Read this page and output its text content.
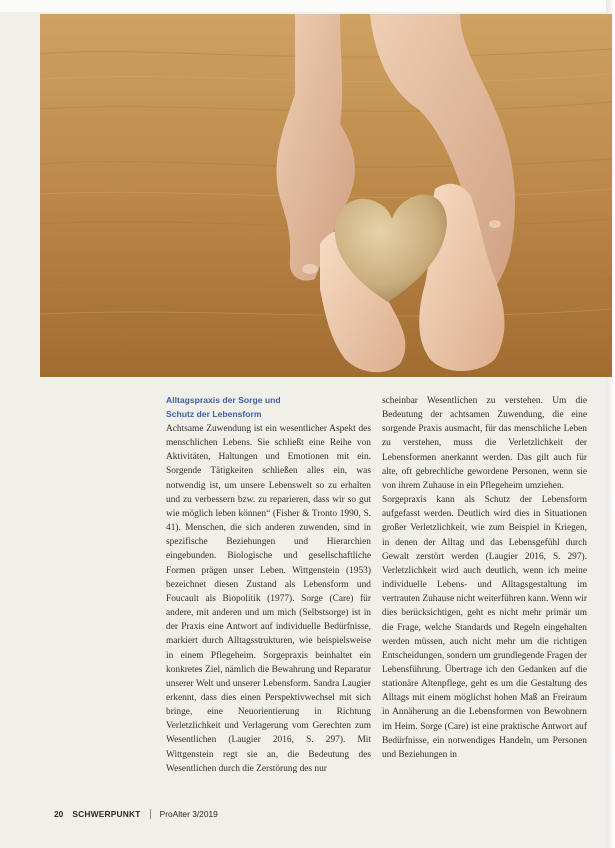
Alltagspraxis der Sorge und
Schutz der Lebensform

Achtsame Zuwendung ist ein wesentlicher Aspekt des menschlichen Lebens. Sie schließt eine Reihe von Aktivitäten, Haltungen und Emotionen mit ein. Sorgende Tätigkeiten schließen alles ein, was notwendig ist, um unsere Lebenswelt so zu erhalten und zu verbessern bzw. zu reparieren, dass wir so gut wie möglich leben können“ (Fisher & Tronto 1990, S. 41). Menschen, die sich anderen zuwenden, sind in spezifische Beziehungen und Hierarchien eingebunden. Biologische und gesellschaftliche Formen prägen unser Leben. Wittgenstein (1953) bezeichnet diesen Zustand als Lebensform und Foucault als Biopolitik (1977). Sorge (Care) für andere, mit anderen und um mich (Selbstsorge) ist in der Praxis eine Antwort auf individuelle Bedürfnisse, markiert durch Alltagsstrukturen, wie beispielsweise in einem Pflegeheim. Sorgepraxis beinhaltet ein konkretes Ziel, nämlich die Bewahrung und Reparatur unserer Welt und unserer Lebensform. Sandra Laugier erkennt, dass dies einen Perspektivwechsel mit sich bringe, eine Neuorientierung in Richtung Verletzlichkeit und Verlagerung vom Gerechten zum Wesentlichen (Laugier 2016, S. 297). Mit Wittgenstein regt sie an, die Bedeutung des Wesentlichen durch die Zerstörung des nur

scheinbar Wesentlichen zu verstehen. Um die Bedeutung der achtsamen Zuwendung, die eine sorgende Praxis ausmacht, für das menschliche Leben zu verstehen, muss die Verletzlichkeit der Lebensformen anerkannt werden. Das gilt auch für alte, oft gebrechliche gewordene Personen, wenn sie von ihrem Zuhause in ein Pflegeheim umziehen.

Sorgepraxis kann als Schutz der Lebensform aufgefasst werden. Deutlich wird dies in Situationen großer Verletzlichkeit, wie zum Beispiel in Kriegen, in denen der Alltag und das Lebensgefühl durch Gewalt zerstört werden (Laugier 2016, S. 297). Verletzlichkeit wird auch deutlich, wenn ich meine individuelle Lebens- und Alltagsgestaltung im vertrauten Zuhause nicht weiterführen kann. Wenn wir dies berücksichtigen, geht es nicht mehr primär um die Frage, welche Standards und Regeln eingehalten werden müssen, auch nicht mehr um die richtigen Entscheidungen, sondern um grundlegende Fragen der Lebensführung. Übertrage ich den Gedanken auf die stationäre Altenpflege, geht es um die Gestaltung des Alltags mit einem möglichst hohen Maß an Freiraum in Annäherung an die Lebensformen von Bewohnern im Heim. Sorge (Care) ist eine praktische Antwort auf Bedürfnisse, ein notwendiges Handeln, um Personen und Beziehungen in

20 SCHWERPUNKT ProAlter 3/2019
